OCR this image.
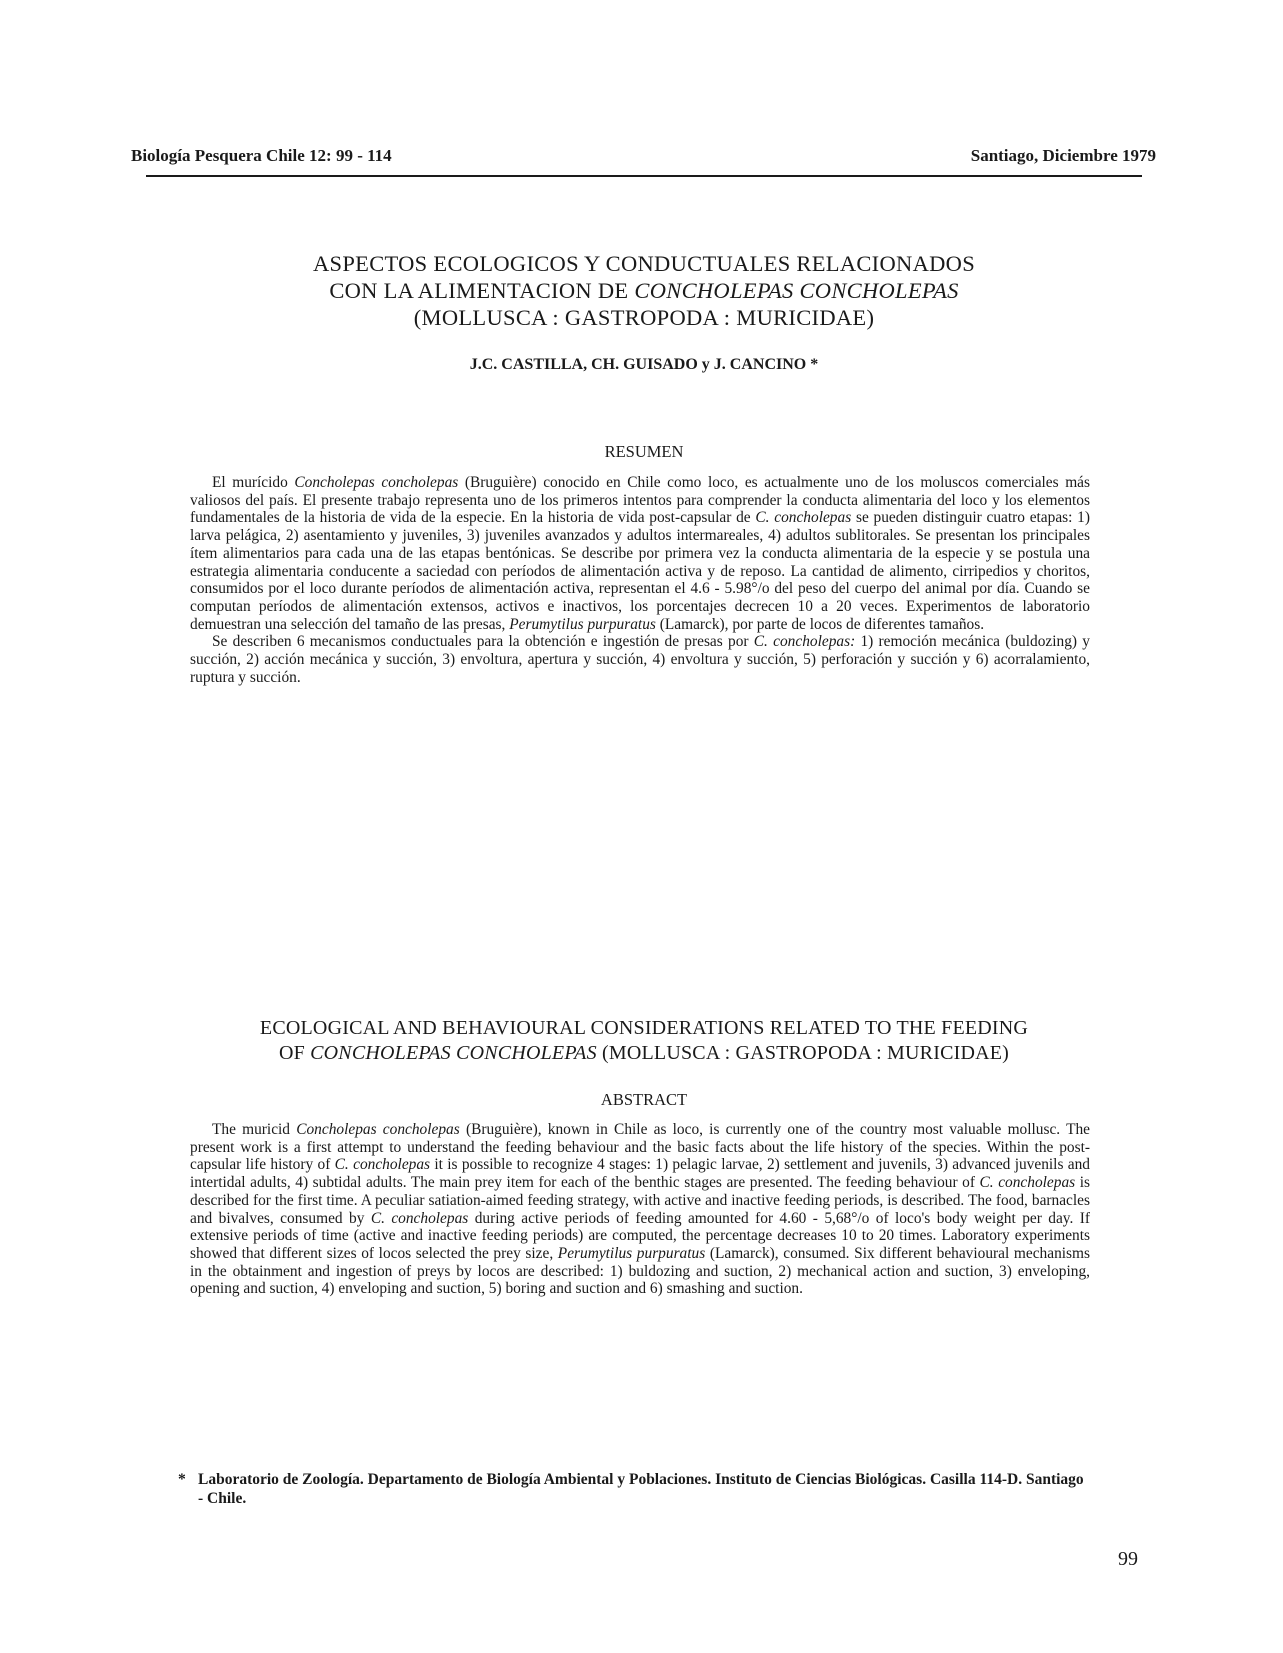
Biología Pesquera Chile 12: 99 - 114	Santiago, Diciembre 1979
ASPECTOS ECOLOGICOS Y CONDUCTUALES RELACIONADOS
CON LA ALIMENTACION DE CONCHOLEPAS CONCHOLEPAS
(MOLLUSCA : GASTROPODA : MURICIDAE)
J.C. CASTILLA, CH. GUISADO y J. CANCINO *
RESUMEN

El murícido Concholepas concholepas (Bruguière) conocido en Chile como loco, es actualmente uno de los moluscos comerciales más valiosos del país. El presente trabajo representa uno de los primeros intentos para comprender la conducta alimentaria del loco y los elementos fundamentales de la historia de vida de la especie. En la historia de vida post-capsular de C. concholepas se pueden distinguir cuatro etapas: 1) larva pelágica, 2) asentamiento y juveniles, 3) juveniles avanzados y adultos intermareales, 4) adultos sublitorales. Se presentan los principales ítem alimentarios para cada una de las etapas bentónicas. Se describe por primera vez la conducta alimentaria de la especie y se postula una estrategia alimentaria conducente a saciedad con períodos de alimentación activa y de reposo. La cantidad de alimento, cirripedios y choritos, consumidos por el loco durante períodos de alimentación activa, representan el 4.6 - 5.98°/o del peso del cuerpo del animal por día. Cuando se computan períodos de alimentación extensos, activos e inactivos, los porcentajes decrecen 10 a 20 veces. Experimentos de laboratorio demuestran una selección del tamaño de las presas, Perumytilus purpuratus (Lamarck), por parte de locos de diferentes tamaños.

Se describen 6 mecanismos conductuales para la obtención e ingestión de presas por C. concholepas: 1) remoción mecánica (buldozing) y succión, 2) acción mecánica y succión, 3) envoltura, apertura y succión, 4) envoltura y succión, 5) perforación y succión y 6) acorralamiento, ruptura y succión.

ECOLOGICAL AND BEHAVIOURAL CONSIDERATIONS RELATED TO THE FEEDING
OF CONCHOLEPAS CONCHOLEPAS (MOLLUSCA : GASTROPODA : MURICIDAE)
ABSTRACT

The muricid Concholepas concholepas (Bruguière), known in Chile as loco, is currently one of the country most valuable mollusc. The present work is a first attempt to understand the feeding behaviour and the basic facts about the life history of the species. Within the post-capsular life history of C. concholepas it is possible to recognize 4 stages: 1) pelagic larvae, 2) settlement and juvenils, 3) advanced juvenils and intertidal adults, 4) subtidal adults. The main prey item for each of the benthic stages are presented. The feeding behaviour of C. concholepas is described for the first time. A peculiar satiation-aimed feeding strategy, with active and inactive feeding periods, is described. The food, barnacles and bivalves, consumed by C. concholepas during active periods of feeding amounted for 4.60 - 5,68°/o of loco's body weight per day. If extensive periods of time (active and inactive feeding periods) are computed, the percentage decreases 10 to 20 times. Laboratory experiments showed that different sizes of locos selected the prey size, Perumytilus purpuratus (Lamarck), consumed. Six different behavioural mechanisms in the obtainment and ingestion of preys by locos are described: 1) buldozing and suction, 2) mechanical action and suction, 3) enveloping, opening and suction, 4) enveloping and suction, 5) boring and suction and 6) smashing and suction.

* Laboratorio de Zoología. Departamento de Biología Ambiental y Poblaciones. Instituto de Ciencias Biológicas. Casilla 114-D. Santiago - Chile.
99
